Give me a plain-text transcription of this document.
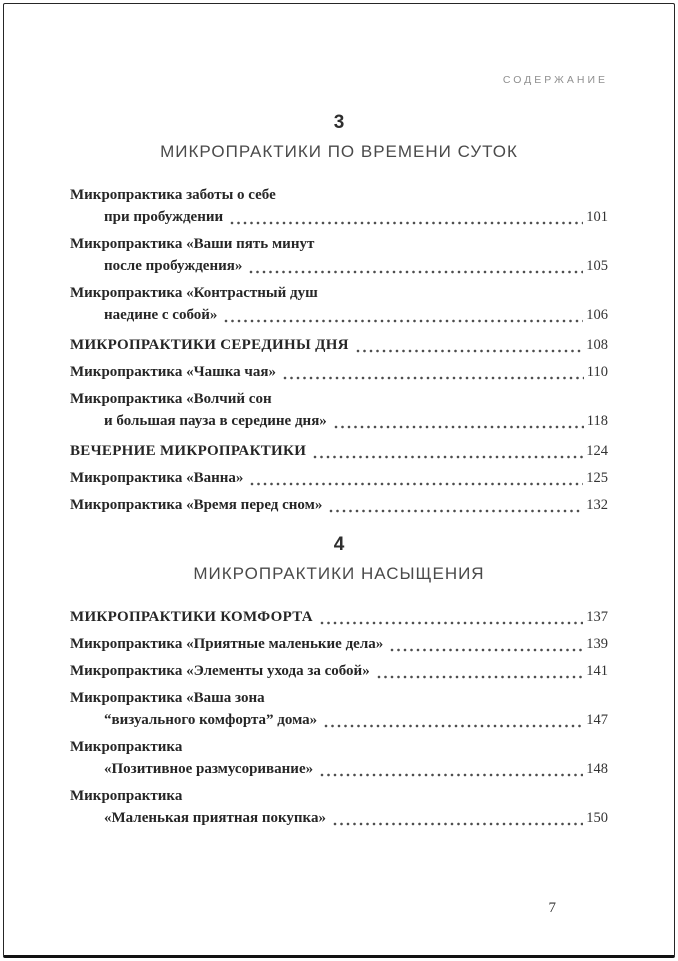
СОДЕРЖАНИЕ
3
МИКРОПРАКТИКИ ПО ВРЕМЕНИ СУТОК
Микропрактика заботы о себе
при пробуждении	101
Микропрактика «Ваши пять минут
после пробуждения»	105
Микропрактика «Контрастный душ
наедине с собой»	106
МИКРОПРАКТИКИ СЕРЕДИНЫ ДНЯ	108
Микропрактика «Чашка чая»	110
Микропрактика «Волчий сон
и большая пауза в середине дня»	118
ВЕЧЕРНИЕ МИКРОПРАКТИКИ	124
Микропрактика «Ванна»	125
Микропрактика «Время перед сном»	132
4
МИКРОПРАКТИКИ НАСЫЩЕНИЯ
МИКРОПРАКТИКИ КОМФОРТА	137
Микропрактика «Приятные маленькие дела»	139
Микропрактика «Элементы ухода за собой»	141
Микропрактика «Ваша зона
“визуального комфорта” дома»	147
Микропрактика
«Позитивное размусоривание»	148
Микропрактика
«Маленькая приятная покупка»	150
7
